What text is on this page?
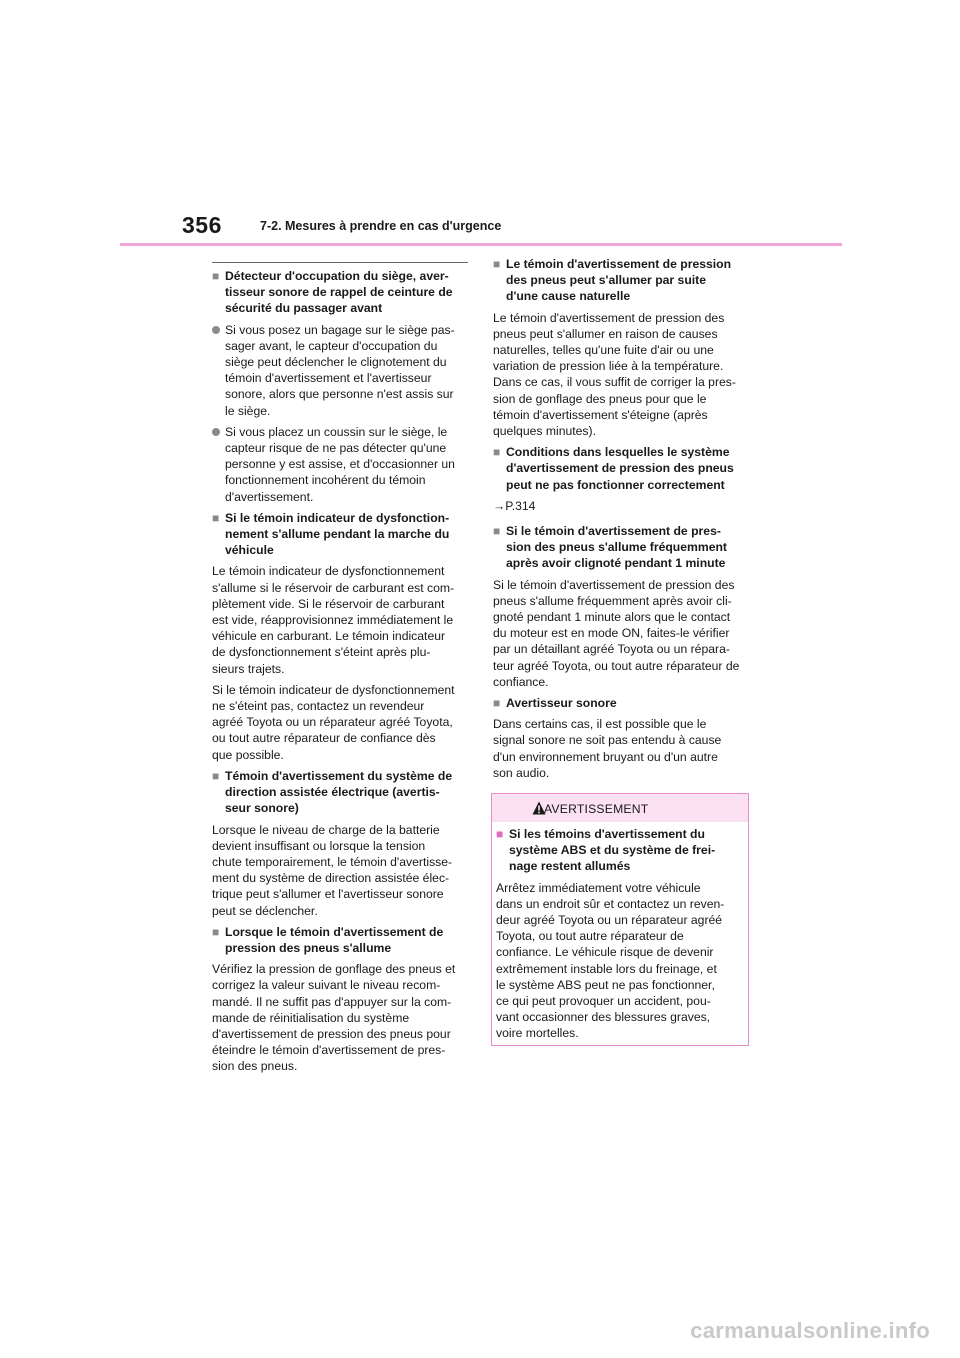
356	7-2. Mesures à prendre en cas d'urgence
■ Détecteur d'occupation du siège, aver-
tisseur sonore de rappel de ceinture de
sécurité du passager avant
Si vous posez un bagage sur le siège pas-
sager avant, le capteur d'occupation du
siège peut déclencher le clignotement du
témoin d'avertissement et l'avertisseur
sonore, alors que personne n'est assis sur
le siège.
Si vous placez un coussin sur le siège, le
capteur risque de ne pas détecter qu'une
personne y est assise, et d'occasionner un
fonctionnement incohérent du témoin
d'avertissement.
■ Si le témoin indicateur de dysfonction-
nement s'allume pendant la marche du
véhicule
Le témoin indicateur de dysfonctionnement
s'allume si le réservoir de carburant est com-
plètement vide. Si le réservoir de carburant
est vide, réapprovisionnez immédiatement le
véhicule en carburant. Le témoin indicateur
de dysfonctionnement s'éteint après plu-
sieurs trajets.
Si le témoin indicateur de dysfonctionnement
ne s'éteint pas, contactez un revendeur
agréé Toyota ou un réparateur agréé Toyota,
ou tout autre réparateur de confiance dès
que possible.
■ Témoin d'avertissement du système de
direction assistée électrique (avertis-
seur sonore)
Lorsque le niveau de charge de la batterie
devient insuffisant ou lorsque la tension
chute temporairement, le témoin d'avertisse-
ment du système de direction assistée élec-
trique peut s'allumer et l'avertisseur sonore
peut se déclencher.
■ Lorsque le témoin d'avertissement de
pression des pneus s'allume
Vérifiez la pression de gonflage des pneus et
corrigez la valeur suivant le niveau recom-
mandé. Il ne suffit pas d'appuyer sur la com-
mande de réinitialisation du système
d'avertissement de pression des pneus pour
éteindre le témoin d'avertissement de pres-
sion des pneus.
■ Le témoin d'avertissement de pression
des pneus peut s'allumer par suite
d'une cause naturelle
Le témoin d'avertissement de pression des
pneus peut s'allumer en raison de causes
naturelles, telles qu'une fuite d'air ou une
variation de pression liée à la température.
Dans ce cas, il vous suffit de corriger la pres-
sion de gonflage des pneus pour que le
témoin d'avertissement s'éteigne (après
quelques minutes).
■ Conditions dans lesquelles le système
d'avertissement de pression des pneus
peut ne pas fonctionner correctement
→P.314
■ Si le témoin d'avertissement de pres-
sion des pneus s'allume fréquemment
après avoir clignoté pendant 1 minute
Si le témoin d'avertissement de pression des
pneus s'allume fréquemment après avoir cli-
gnoté pendant 1 minute alors que le contact
du moteur est en mode ON, faites-le vérifier
par un détaillant agréé Toyota ou un répara-
teur agréé Toyota, ou tout autre réparateur de
confiance.
■ Avertisseur sonore
Dans certains cas, il est possible que le
signal sonore ne soit pas entendu à cause
d'un environnement bruyant ou d'un autre
son audio.
AVERTISSEMENT
■ Si les témoins d'avertissement du
système ABS et du système de frei-
nage restent allumés
Arrêtez immédiatement votre véhicule
dans un endroit sûr et contactez un reven-
deur agréé Toyota ou un réparateur agréé
Toyota, ou tout autre réparateur de
confiance. Le véhicule risque de devenir
extrêmement instable lors du freinage, et
le système ABS peut ne pas fonctionner,
ce qui peut provoquer un accident, pou-
vant occasionner des blessures graves,
voire mortelles.
carmanualsonline.info
